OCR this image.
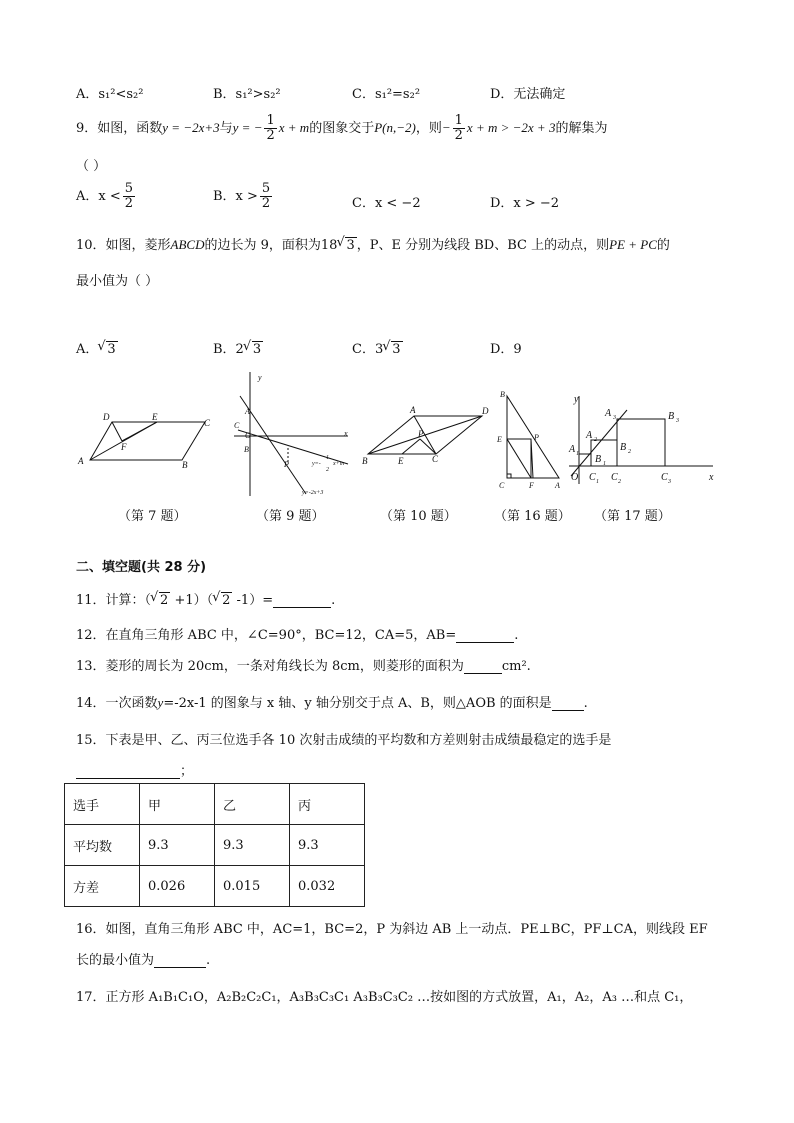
A．s₁²<s₂²	B．s₁²>s₂²	C．s₁²=s₂²	D．无法确定
9．如图，函数y = −2x+3与y = − $\frac{1}{2}$ x + m的图象交于P(n,−2)，则− $\frac{1}{2}$ x + m > −2x + 3的解集为
（ ）
A．$x < \frac{5}{2}$	B．$x > \frac{5}{2}$	C．x < −2	D．x > −2
10．如图，菱形ABCD的边长为 9，面积为18 √ 3 ，P、E 分别为线段 BD、BC 上的动点，则PE + PC的
最小值为（ ）
A． √ 3	B．2 √ 3	C．3 √ 3	D．9
D	E
C
A
F
B
y
A
O
C
B
P
x
y=- x+m
1
2
y=-2x+3
A	D
P
B	E	C
B
E	P
C	F	A
y
A 3	B 3
A 2
B 2
A 1 B 1
O C 1 C 2	C 3	x
（第 7 题）	（第 9 题）	（第 10 题）	（第 16 题） （第 17 题）
二、填空题(共 28 分)
11．计算：（ √ 2 +1）（ √ 2 -1）=	.
12．在直角三角形 ABC 中，∠C=90°，BC=12，CA=5，AB=	.
13．菱形的周长为 20cm，一条对角线长为 8cm，则菱形的面积为	cm².
14．一次函数y=-2x-1 的图象与 x 轴、y 轴分别交于点 A、B，则△AOB 的面积是 .
15．下表是甲、乙、丙三位选手各 10 次射击成绩的平均数和方差则射击成绩最稳定的选手是
；
选手	甲	乙	丙
平均数	9.3	9.3	9.3
方差	0.026	0.015	0.032
16．如图，直角三角形 ABC 中，AC=1，BC=2，P 为斜边 AB 上一动点．PE⊥BC，PF⊥CA，则线段 EF
长的最小值为	.
17．正方形 A₁B₁C₁O，A₂B₂C₂C₁，A₃B₃C₃C₁ A₃B₃C₃C₂ …按如图的方式放置，A₁，A₂，A₃ …和点 C₁，
